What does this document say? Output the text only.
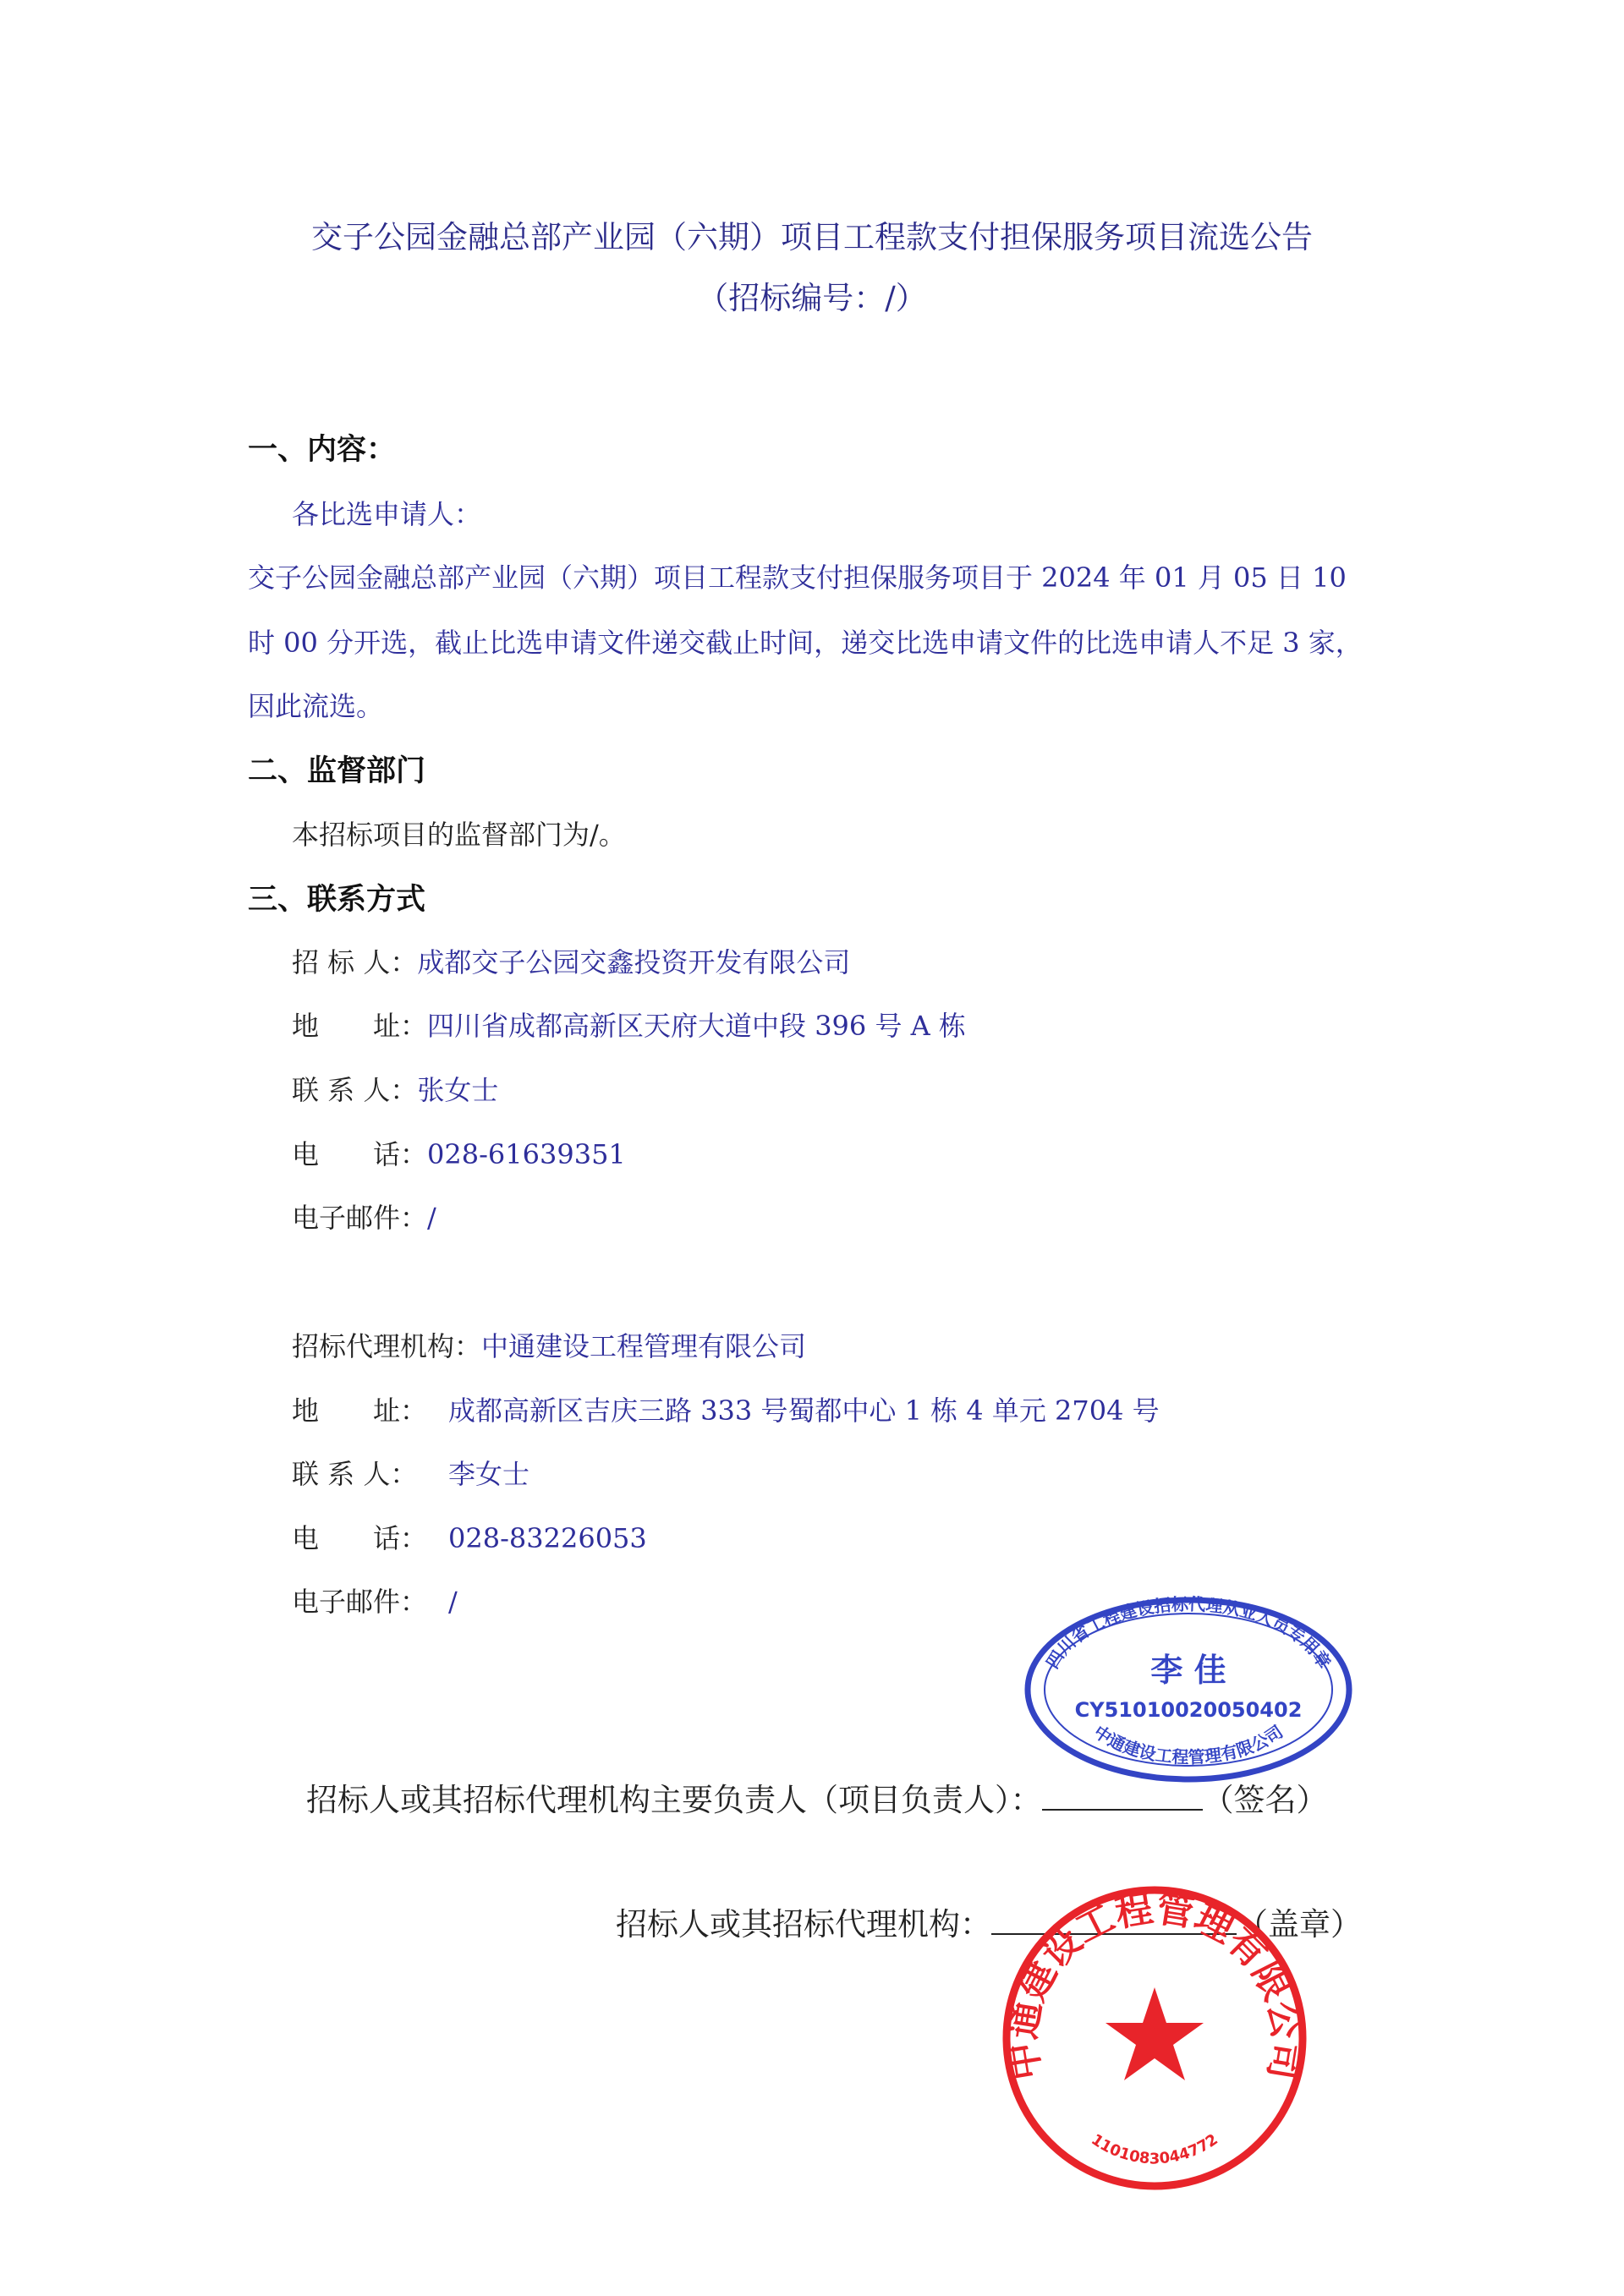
交子公园金融总部产业园（六期）项目工程款支付担保服务项目流选公告
（招标编号：/）
一、内容：
各比选申请人：
交子公园金融总部产业园（六期）项目工程款支付担保服务项目于 2024 年 01 月 05 日 10
时 00 分开选，截止比选申请文件递交截止时间，递交比选申请文件的比选申请人不足 3 家，
因此流选。
二、监督部门
本招标项目的监督部门为/。
三、联系方式
招 标 人：成都交子公园交鑫投资开发有限公司
地　　址：四川省成都高新区天府大道中段 396 号 A 栋
联 系 人：张女士
电　　话：028-61639351
电子邮件：/
招标代理机构：中通建设工程管理有限公司
地　　址： 成都高新区吉庆三路 333 号蜀都中心 1 栋 4 单元 2704 号
联 系 人： 李女士
电　　话： 028-83226053
电子邮件： /
招标人或其招标代理机构主要负责人（项目负责人）：	（签名）
招标人或其招标代理机构：	（盖章）
四川省工程建设招标代理从业人员专用章
李 佳
CY51010020050402
中通建设工程管理有限公司
中通建设工程管理有限公司
1101083044772
